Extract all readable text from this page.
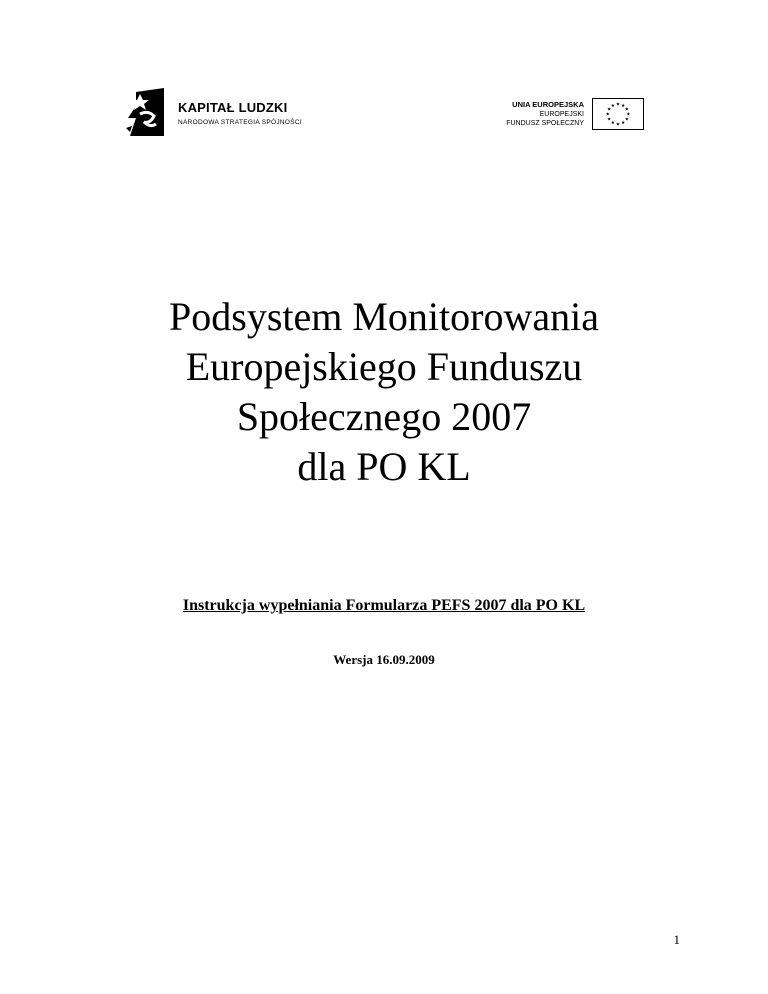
KAPITAŁ LUDZKI
NARODOWA STRATEGIA SPÓJNOŚCI
UNIA EUROPEJSKA
EUROPEJSKI
FUNDUSZ SPOŁECZNY
★ ★
★
★
★
★
★
★
★
★
★
★
Podsystem Monitorowania
Europejskiego Funduszu
Społecznego 2007
dla PO KL

Instrukcja wypełniania Formularza PEFS 2007 dla PO KL

Wersja 16.09.2009

1
